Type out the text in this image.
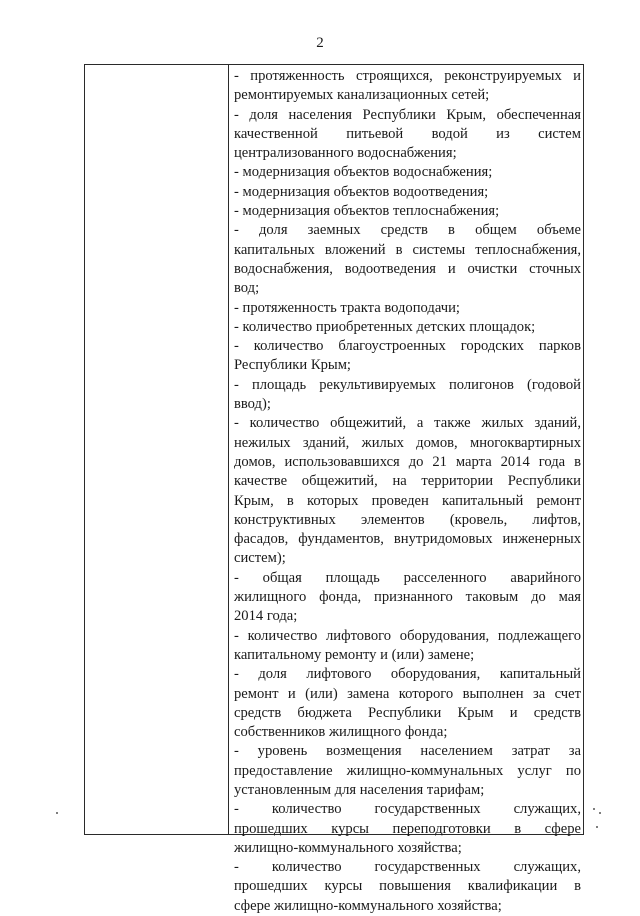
2
- протяженность строящихся, реконструируемых и
ремонтируемых канализационных сетей;
- доля населения Республики Крым, обеспеченная
качественной питьевой водой из систем
централизованного водоснабжения;
- модернизация объектов водоснабжения;
- модернизация объектов водоотведения;
- модернизация объектов теплоснабжения;
- доля заемных средств в общем объеме
капитальных вложений в системы теплоснабжения,
водоснабжения, водоотведения и очистки сточных
вод;
- протяженность тракта водоподачи;
- количество приобретенных детских площадок;
- количество благоустроенных городских парков
Республики Крым;
- площадь рекультивируемых полигонов (годовой
ввод);
- количество общежитий, а также жилых зданий,
нежилых зданий, жилых домов, многоквартирных
домов, использовавшихся до 21 марта 2014 года в
качестве общежитий, на территории Республики
Крым, в которых проведен капитальный ремонт
конструктивных элементов (кровель, лифтов,
фасадов, фундаментов, внутридомовых инженерных
систем);
- общая площадь расселенного аварийного
жилищного фонда, признанного таковым до мая
2014 года;
- количество лифтового оборудования, подлежащего
капитальному ремонту и (или) замене;
- доля лифтового оборудования, капитальный
ремонт и (или) замена которого выполнен за счет
средств бюджета Республики Крым и средств
собственников жилищного фонда;
- уровень возмещения населением затрат за
предоставление жилищно-коммунальных услуг по
установленным для населения тарифам;
- количество государственных служащих,
прошедших курсы переподготовки в сфере
жилищно-коммунального хозяйства;
- количество государственных служащих,
прошедших курсы повышения квалификации в
сфере жилищно-коммунального хозяйства;
